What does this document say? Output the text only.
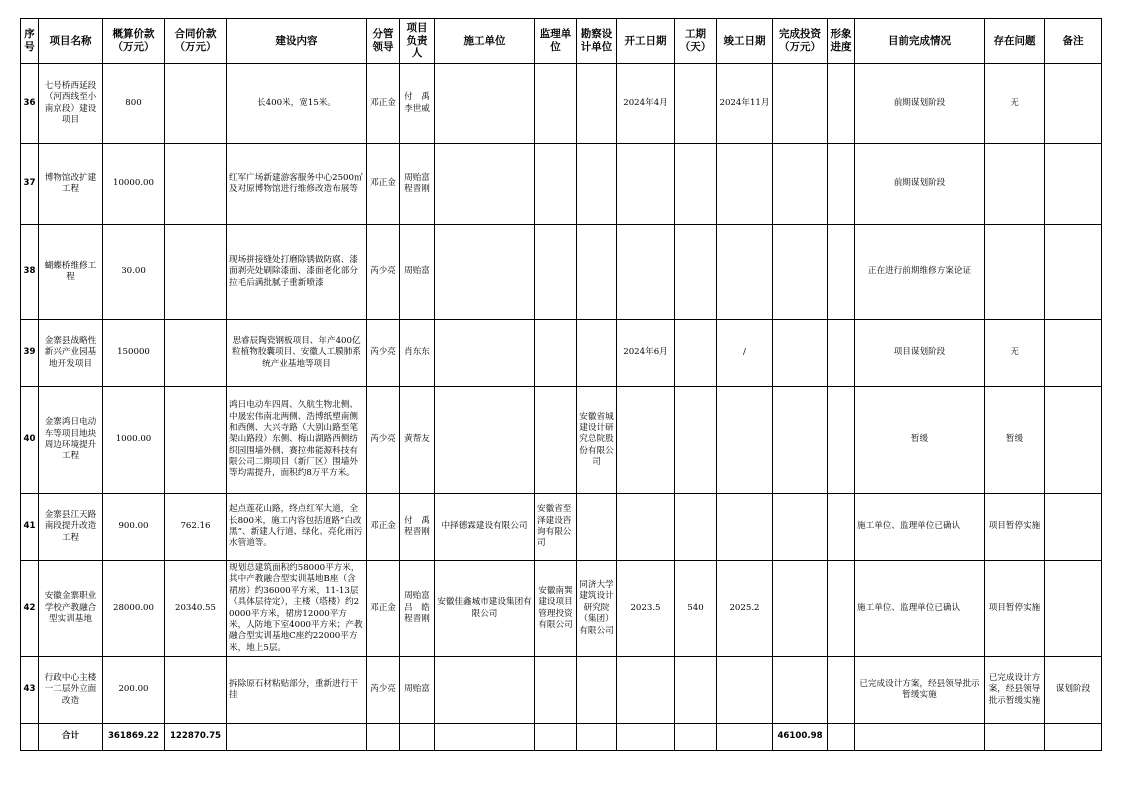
序号	项目名称	概算价款（万元）	合同价款（万元）	建设内容	分管领导	项目负责人	施工单位	监理单位	勘察设计单位	开工日期	工期（天）	竣工日期	完成投资（万元）	形象进度	目前完成情况	存在问题	备注
36	七号桥西延段（河西线至小南京段）建设项目	800		长400米，宽15米。	邓正金	付　禹 李世威				2024年4月		2024年11月			前期谋划阶段	无	
37	博物馆改扩建工程	10000.00		红军广场新建游客服务中心2500㎡及对原博物馆进行维修改造布展等	邓正金	周贻富 程晋刚									前期谋划阶段		
38	蝴蝶桥维修工程	30.00		现场拼接缝处打磨除锈做防腐、漆面剥壳处刷除漆面、漆面老化部分拉毛后满批腻子重新喷漆	芮少亮	周贻富									正在进行前期维修方案论证		
39	金寨县战略性新兴产业园基地开发项目	150000		思睿辰陶瓷钢板项目、年产400亿粒植物胶囊项目、安徽人工膜肺系统产业基地等项目	芮少亮	肖东东				2024年6月		/			项目谋划阶段	无	
40	金寨鸿日电动车等项目地块周边环境提升工程	1000.00		鸿日电动车四周、久航生物北侧、中晟宏伟南北两侧、浩博纸塑南侧和西侧、大兴寺路（大别山路至笔架山路段）东侧、梅山湖路西侧纺织园围墙外侧、赛拉弗能源科技有限公司二期项目（新厂区）围墙外等均需提升，面积约8万平方米。	芮少亮	黄帮友			安徽省城建设计研究总院股份有限公司						暂缓	暂缓	
41	金寨县江天路南段提升改造工程	900.00	762.16	起点莲花山路，终点红军大道，全长800米，施工内容包括道路“白改黑”、新建人行道、绿化、亮化雨污水管道等。	邓正金	付　禹 程晋刚	中择德霖建设有限公司	安徽省至泽建设咨询有限公司							施工单位、监理单位已确认	项目暂停实施	
42	安徽金寨职业学校产教融合型实训基地	28000.00	20340.55	规划总建筑面积约58000平方米，其中产教融合型实训基地B座（含裙房）约36000平方米，11-13层（具体层待定），主楼（塔楼）约20000平方米，裙房12000平方米，人防地下室4000平方米；产教融合型实训基地C座约22000平方米，地上5层。	邓正金	周贻富 吕　皓 程晋刚	安徽佳鑫城市建设集团有限公司	安徽南巽建设项目管理投资有限公司	同济大学建筑设计研究院（集团）有限公司	2023.5	540	2025.2			施工单位、监理单位已确认	项目暂停实施	
43	行政中心主楼一二层外立面改造	200.00		拆除原石材粘贴部分，重新进行干挂	芮少亮	周贻富									已完成设计方案，经县领导批示暂缓实施	已完成设计方案，经县领导批示暂缓实施	谋划阶段
	合计	361869.22	122870.75										46100.98				
